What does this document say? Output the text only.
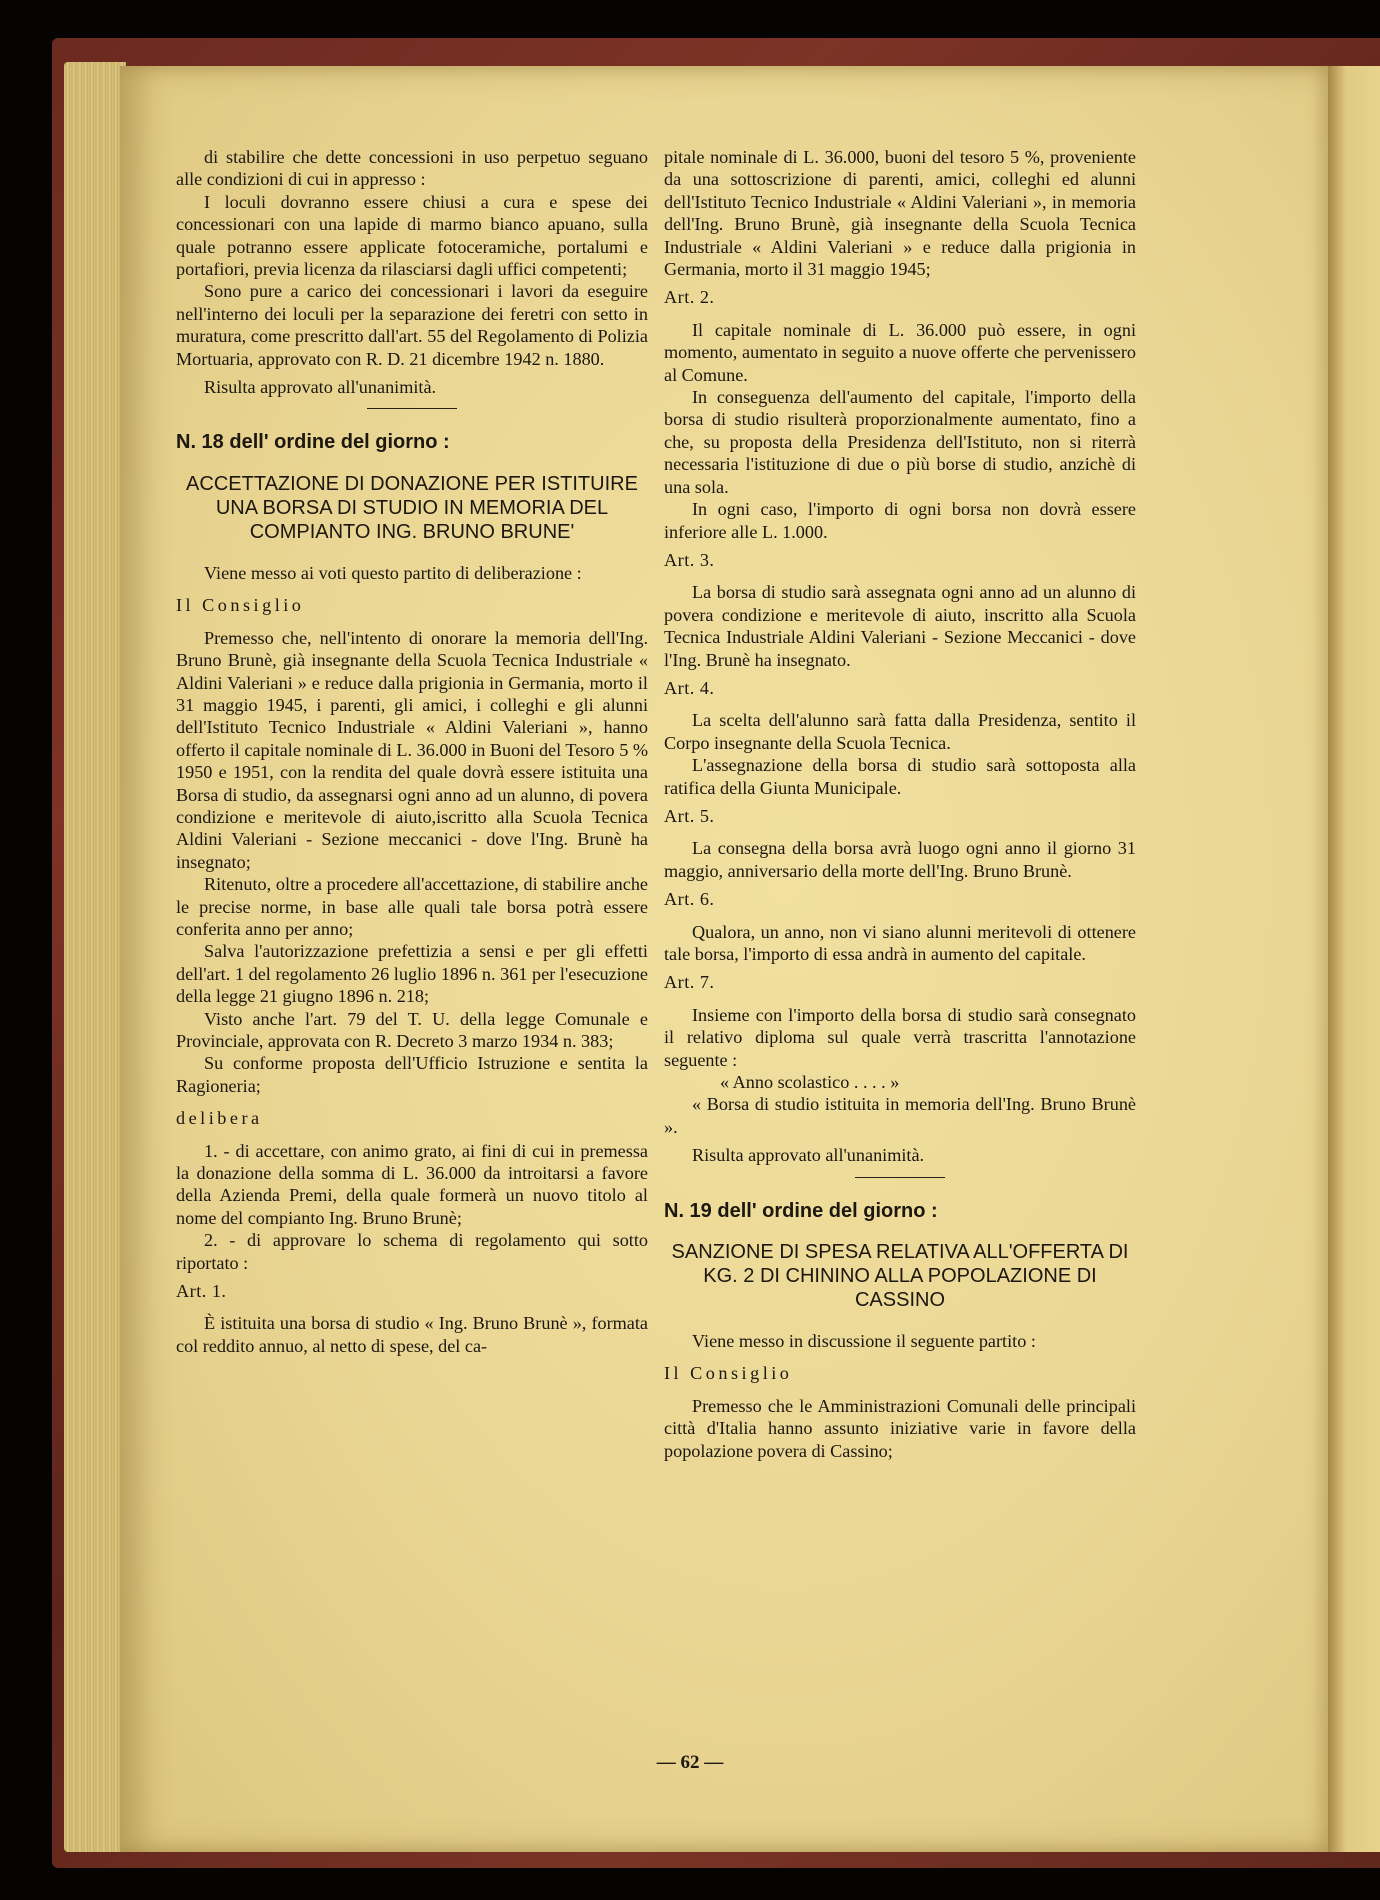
di stabilire che dette concessioni in uso perpetuo seguano alle condizioni di cui in appresso :

I loculi dovranno essere chiusi a cura e spese dei concessionari con una lapide di marmo bianco apuano, sulla quale potranno essere applicate fotoceramiche, portalumi e portafiori, previa licenza da rilasciarsi dagli uffici competenti;

Sono pure a carico dei concessionari i lavori da eseguire nell'interno dei loculi per la separazione dei feretri con setto in muratura, come prescritto dall'art. 55 del Regolamento di Polizia Mortuaria, approvato con R. D. 21 dicembre 1942 n. 1880.

Risulta approvato all'unanimità.

N. 18 dell' ordine del giorno :

ACCETTAZIONE DI DONAZIONE PER ISTITUIRE UNA BORSA DI STUDIO IN MEMORIA DEL COMPIANTO ING. BRUNO BRUNE'

Viene messo ai voti questo partito di deliberazione :

Il Consiglio

Premesso che, nell'intento di onorare la memoria dell'Ing. Bruno Brunè, già insegnante della Scuola Tecnica Industriale « Aldini Valeriani » e reduce dalla prigionia in Germania, morto il 31 maggio 1945, i parenti, gli amici, i colleghi e gli alunni dell'Istituto Tecnico Industriale « Aldini Valeriani », hanno offerto il capitale nominale di L. 36.000 in Buoni del Tesoro 5 % 1950 e 1951, con la rendita del quale dovrà essere istituita una Borsa di studio, da assegnarsi ogni anno ad un alunno, di povera condizione e meritevole di aiuto,iscritto alla Scuola Tecnica Aldini Valeriani - Sezione meccanici - dove l'Ing. Brunè ha insegnato;

Ritenuto, oltre a procedere all'accettazione, di stabilire anche le precise norme, in base alle quali tale borsa potrà essere conferita anno per anno;

Salva l'autorizzazione prefettizia a sensi e per gli effetti dell'art. 1 del regolamento 26 luglio 1896 n. 361 per l'esecuzione della legge 21 giugno 1896 n. 218;

Visto anche l'art. 79 del T. U. della legge Comunale e Provinciale, approvata con R. Decreto 3 marzo 1934 n. 383;

Su conforme proposta dell'Ufficio Istruzione e sentita la Ragioneria;

delibera

1. - di accettare, con animo grato, ai fini di cui in premessa la donazione della somma di L. 36.000 da introitarsi a favore della Azienda Premi, della quale formerà un nuovo titolo al nome del compianto Ing. Bruno Brunè;

2. - di approvare lo schema di regolamento qui sotto riportato :

Art. 1.

È istituita una borsa di studio « Ing. Bruno Brunè », formata col reddito annuo, al netto di spese, del ca-

pitale nominale di L. 36.000, buoni del tesoro 5 %, proveniente da una sottoscrizione di parenti, amici, colleghi ed alunni dell'Istituto Tecnico Industriale « Aldini Valeriani », in memoria dell'Ing. Bruno Brunè, già insegnante della Scuola Tecnica Industriale « Aldini Valeriani » e reduce dalla prigionia in Germania, morto il 31 maggio 1945;

Art. 2.

Il capitale nominale di L. 36.000 può essere, in ogni momento, aumentato in seguito a nuove offerte che pervenissero al Comune.

In conseguenza dell'aumento del capitale, l'importo della borsa di studio risulterà proporzionalmente aumentato, fino a che, su proposta della Presidenza dell'Istituto, non si riterrà necessaria l'istituzione di due o più borse di studio, anzichè di una sola.

In ogni caso, l'importo di ogni borsa non dovrà essere inferiore alle L. 1.000.

Art. 3.

La borsa di studio sarà assegnata ogni anno ad un alunno di povera condizione e meritevole di aiuto, inscritto alla Scuola Tecnica Industriale Aldini Valeriani - Sezione Meccanici - dove l'Ing. Brunè ha insegnato.

Art. 4.

La scelta dell'alunno sarà fatta dalla Presidenza, sentito il Corpo insegnante della Scuola Tecnica.

L'assegnazione della borsa di studio sarà sottoposta alla ratifica della Giunta Municipale.

Art. 5.

La consegna della borsa avrà luogo ogni anno il giorno 31 maggio, anniversario della morte dell'Ing. Bruno Brunè.

Art. 6.

Qualora, un anno, non vi siano alunni meritevoli di ottenere tale borsa, l'importo di essa andrà in aumento del capitale.

Art. 7.

Insieme con l'importo della borsa di studio sarà consegnato il relativo diploma sul quale verrà trascritta l'annotazione seguente :

« Anno scolastico . . . . »

« Borsa di studio istituita in memoria dell'Ing. Bruno Brunè ».

Risulta approvato all'unanimità.

N. 19 dell' ordine del giorno :

SANZIONE DI SPESA RELATIVA ALL'OFFERTA DI KG. 2 DI CHININO ALLA POPOLAZIONE DI CASSINO

Viene messo in discussione il seguente partito :

Il Consiglio

Premesso che le Amministrazioni Comunali delle principali città d'Italia hanno assunto iniziative varie in favore della popolazione povera di Cassino;

— 62 —
